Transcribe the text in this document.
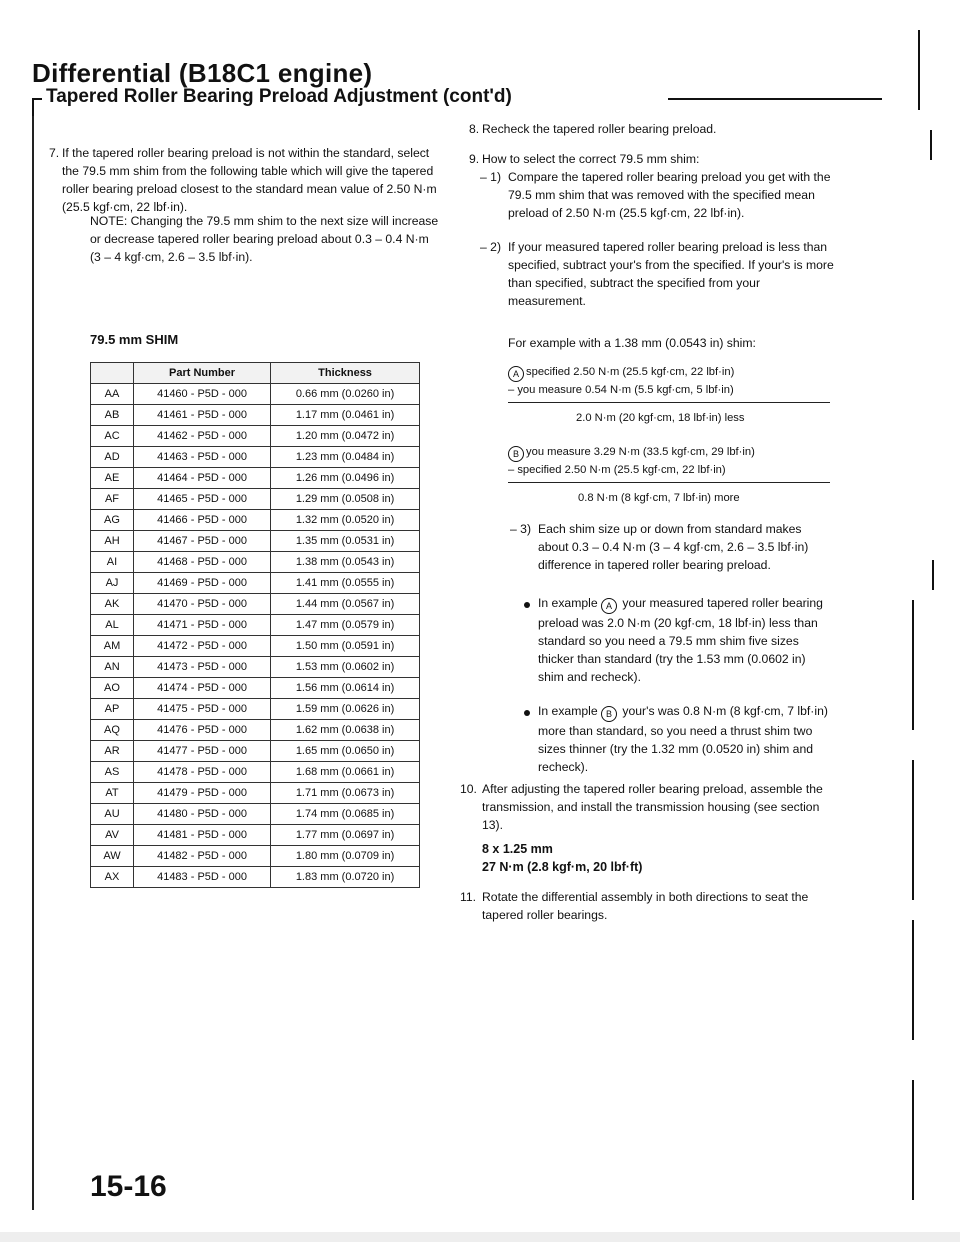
Differential (B18C1 engine)
Tapered Roller Bearing Preload Adjustment (cont'd)
7. If the tapered roller bearing preload is not within the standard, select the 79.5 mm shim from the following table which will give the tapered roller bearing preload closest to the standard mean value of 2.50 N·m (25.5 kgf·cm, 22 lbf·in).
NOTE: Changing the 79.5 mm shim to the next size will increase or decrease tapered roller bearing preload about 0.3 – 0.4 N·m (3 – 4 kgf·cm, 2.6 – 3.5 lbf·in).
79.5 mm SHIM
	Part Number	Thickness
AA	41460 - P5D - 000	0.66 mm (0.0260 in)
AB	41461 - P5D - 000	1.17 mm (0.0461 in)
AC	41462 - P5D - 000	1.20 mm (0.0472 in)
AD	41463 - P5D - 000	1.23 mm (0.0484 in)
AE	41464 - P5D - 000	1.26 mm (0.0496 in)
AF	41465 - P5D - 000	1.29 mm (0.0508 in)
AG	41466 - P5D - 000	1.32 mm (0.0520 in)
AH	41467 - P5D - 000	1.35 mm (0.0531 in)
AI	41468 - P5D - 000	1.38 mm (0.0543 in)
AJ	41469 - P5D - 000	1.41 mm (0.0555 in)
AK	41470 - P5D - 000	1.44 mm (0.0567 in)
AL	41471 - P5D - 000	1.47 mm (0.0579 in)
AM	41472 - P5D - 000	1.50 mm (0.0591 in)
AN	41473 - P5D - 000	1.53 mm (0.0602 in)
AO	41474 - P5D - 000	1.56 mm (0.0614 in)
AP	41475 - P5D - 000	1.59 mm (0.0626 in)
AQ	41476 - P5D - 000	1.62 mm (0.0638 in)
AR	41477 - P5D - 000	1.65 mm (0.0650 in)
AS	41478 - P5D - 000	1.68 mm (0.0661 in)
AT	41479 - P5D - 000	1.71 mm (0.0673 in)
AU	41480 - P5D - 000	1.74 mm (0.0685 in)
AV	41481 - P5D - 000	1.77 mm (0.0697 in)
AW	41482 - P5D - 000	1.80 mm (0.0709 in)
AX	41483 - P5D - 000	1.83 mm (0.0720 in)
8. Recheck the tapered roller bearing preload.
9. How to select the correct 79.5 mm shim:
– 1) Compare the tapered roller bearing preload you get with the 79.5 mm shim that was removed with the specified mean preload of 2.50 N·m (25.5 kgf·cm, 22 lbf·in).
– 2) If your measured tapered roller bearing preload is less than specified, subtract your's from the specified. If your's is more than specified, subtract the specified from your measurement.
For example with a 1.38 mm (0.0543 in) shim:
A specified 2.50 N·m (25.5 kgf·cm, 22 lbf·in)
– you measure 0.54 N·m (5.5 kgf·cm, 5 lbf·in)
2.0 N·m (20 kgf·cm, 18 lbf·in) less
B you measure 3.29 N·m (33.5 kgf·cm, 29 lbf·in)
– specified 2.50 N·m (25.5 kgf·cm, 22 lbf·in)
0.8 N·m (8 kgf·cm, 7 lbf·in) more
– 3) Each shim size up or down from standard makes about 0.3 – 0.4 N·m (3 – 4 kgf·cm, 2.6 – 3.5 lbf·in) difference in tapered roller bearing preload.
In example A your measured tapered roller bearing preload was 2.0 N·m (20 kgf·cm, 18 lbf·in) less than standard so you need a 79.5 mm shim five sizes thicker than standard (try the 1.53 mm (0.0602 in) shim and recheck).
In example B your's was 0.8 N·m (8 kgf·cm, 7 lbf·in) more than standard, so you need a thrust shim two sizes thinner (try the 1.32 mm (0.0520 in) shim and recheck).
10. After adjusting the tapered roller bearing preload, assemble the transmission, and install the transmission housing (see section 13).
8 x 1.25 mm
27 N·m (2.8 kgf·m, 20 lbf·ft)
11. Rotate the differential assembly in both directions to seat the tapered roller bearings.
15-16
